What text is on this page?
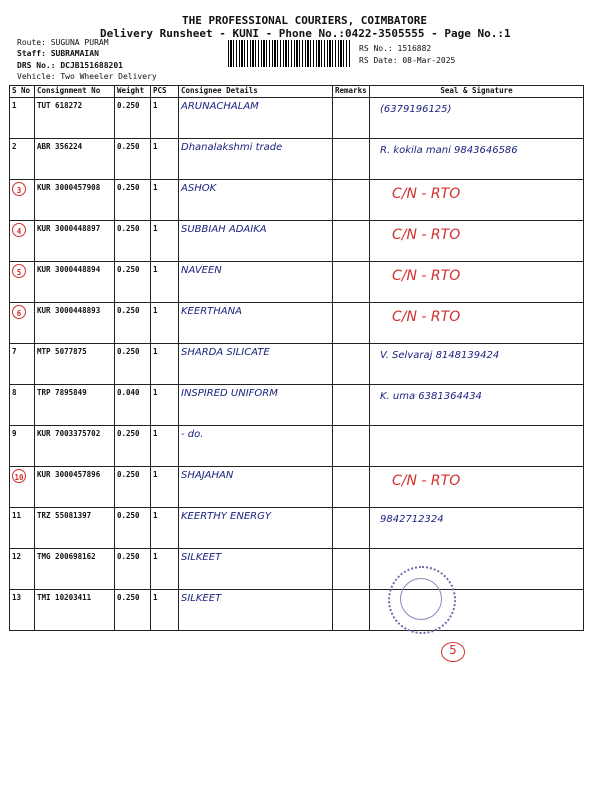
THE PROFESSIONAL COURIERS, COIMBATORE
Delivery Runsheet - KUNI - Phone No.:0422-3505555 - Page No.:1
Route: SUGUNA PURAM
Staff: SUBRAMAIAN
DRS No.: DCJB151688201
Vehicle: Two Wheeler Delivery
RS No.: 1516882
RS Date: 08-Mar-2025
S No	Consignment No	Weight	PCS	Consignee Details	Remarks	Seal & Signature

1	TUT 618272	0.250	1	ARUNACHALAM		(6379196125)

2	ABR 356224	0.250	1	Dhanalakshmi trade		R. kokila mani 9843646586

3	KUR 3000457908	0.250	1	ASHOK		C/N - RTO

4	KUR 3000448897	0.250	1	SUBBIAH ADAIKA		C/N - RTO

5	KUR 3000448894	0.250	1	NAVEEN		C/N - RTO

6	KUR 3000448893	0.250	1	KEERTHANA		C/N - RTO

7	MTP 5077875	0.250	1	SHARDA SILICATE		V. Selvaraj 8148139424

8	TRP 7895849	0.040	1	INSPIRED UNIFORM		K. uma 6381364434

9	KUR 7003375702	0.250	1	- do.		

10	KUR 3000457896	0.250	1	SHAJAHAN		C/N - RTO

11	TRZ 55081397	0.250	1	KEERTHY ENERGY		9842712324

12	TMG 200698162	0.250	1	SILKEET		

13	TMI 10203411	0.250	1	SILKEET		

5
